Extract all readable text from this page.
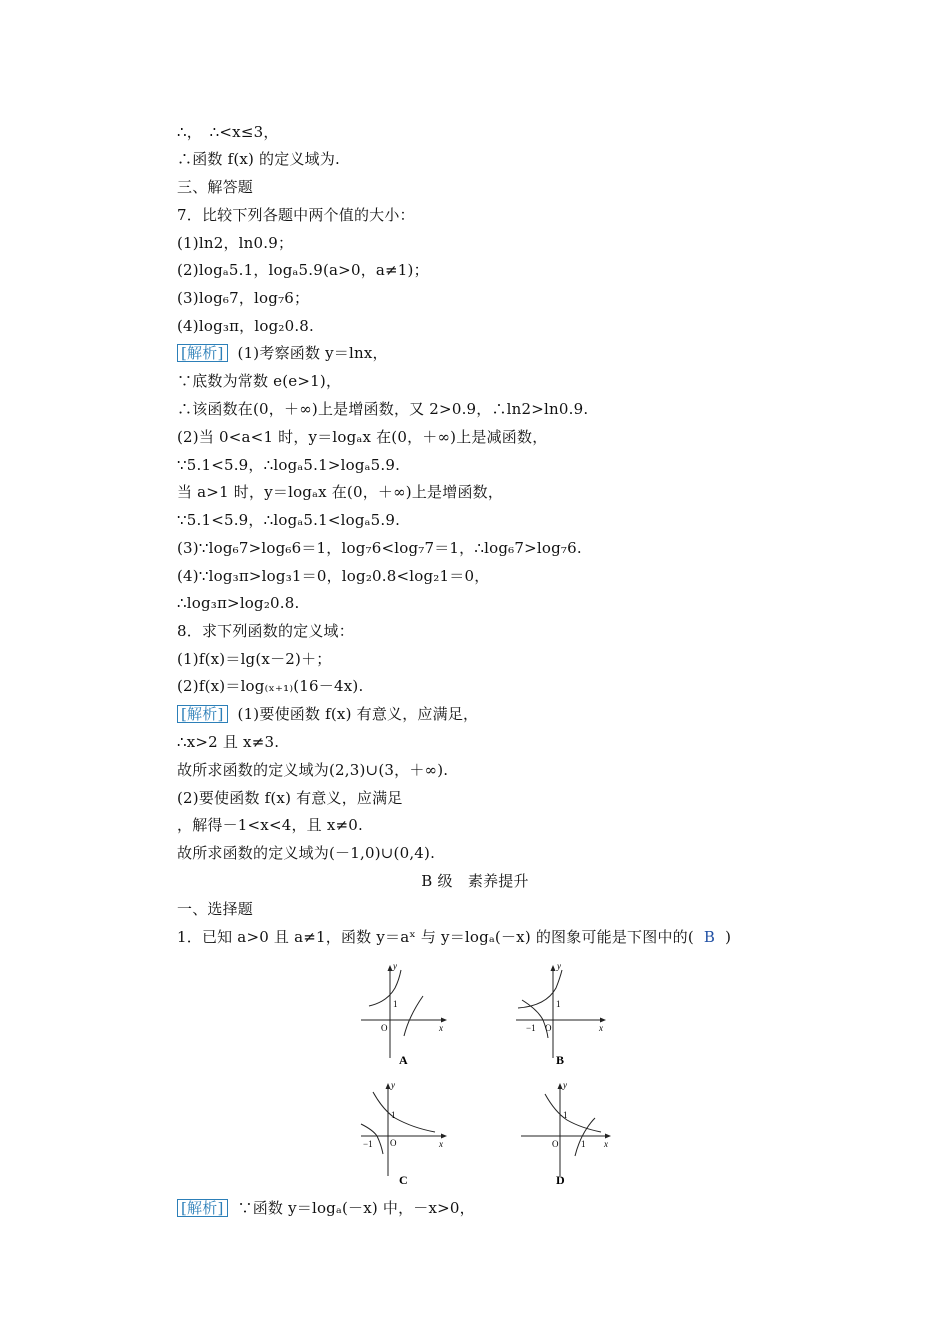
∴，　∴<x≤3，
∴函数 f(x) 的定义域为.
三、解答题
7．比较下列各题中两个值的大小：
(1)ln2，ln0.9；
(2)logₐ5.1，logₐ5.9(a>0，a≠1)；
(3)log₆7，log₇6；
(4)log₃π，log₂0.8.
[解析] (1)考察函数 y＝lnx，
∵底数为常数 e(e>1)，
∴该函数在(0，＋∞)上是增函数，又 2>0.9，∴ln2>ln0.9.
(2)当 0<a<1 时，y＝logₐx 在(0，＋∞)上是减函数，
∵5.1<5.9，∴logₐ5.1>logₐ5.9.
当 a>1 时，y＝logₐx 在(0，＋∞)上是增函数，
∵5.1<5.9，∴logₐ5.1<logₐ5.9.
(3)∵log₆7>log₆6＝1，log₇6<log₇7＝1，∴log₆7>log₇6.
(4)∵log₃π>log₃1＝0，log₂0.8<log₂1＝0，
∴log₃π>log₂0.8.
8．求下列函数的定义域：
(1)f(x)＝lg(x－2)＋；
(2)f(x)＝log₍ₓ₊₁₎(16－4x).
[解析] (1)要使函数 f(x) 有意义，应满足，
∴x>2 且 x≠3.
故所求函数的定义域为(2,3)∪(3，＋∞).
(2)要使函数 f(x) 有意义，应满足
，解得－1<x<4，且 x≠0.
故所求函数的定义域为(－1,0)∪(0,4).
B 级　素养提升
一、选择题
1．已知 a>0 且 a≠1，函数 y＝aˣ 与 y＝logₐ(－x) 的图象可能是下图中的( B )
y
x
O
1
A
y
x
O
−1
1
B
y
x
O
−1
1
C
y
x
O
1
1
D
[解析] ∵函数 y＝logₐ(－x) 中，－x>0，
